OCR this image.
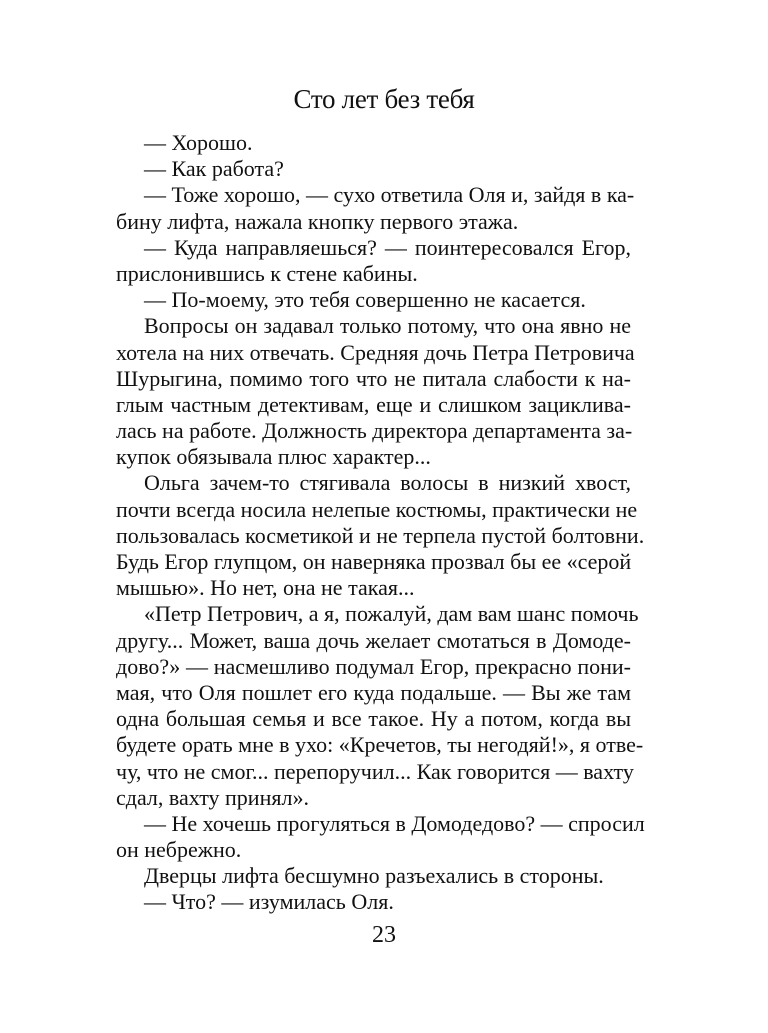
Сто лет без тебя
— Хорошо.
— Как работа?
— Тоже хорошо, — сухо ответила Оля и, зайдя в ка-
бину лифта, нажала кнопку первого этажа.
— Куда направляешься? — поинтересовался Егор,
прислонившись к стене кабины.
— По-моему, это тебя совершенно не касается.
Вопросы он задавал только потому, что она явно не
хотела на них отвечать. Средняя дочь Петра Петровича
Шурыгина, помимо того что не питала слабости к на-
глым частным детективам, еще и слишком зациклива-
лась на работе. Должность директора департамента за-
купок обязывала плюс характер...
Ольга зачем-то стягивала волосы в низкий хвост,
почти всегда носила нелепые костюмы, практически не
пользовалась косметикой и не терпела пустой болтовни.
Будь Егор глупцом, он наверняка прозвал бы ее «серой
мышью». Но нет, она не такая...
«Петр Петрович, а я, пожалуй, дам вам шанс помочь
другу... Может, ваша дочь желает смотаться в Домоде-
дово?» — насмешливо подумал Егор, прекрасно пони-
мая, что Оля пошлет его куда подальше. — Вы же там
одна большая семья и все такое. Ну а потом, когда вы
будете орать мне в ухо: «Кречетов, ты негодяй!», я отве-
чу, что не смог... перепоручил... Как говорится — вахту
сдал, вахту принял».
— Не хочешь прогуляться в Домодедово? — спросил
он небрежно.
Дверцы лифта бесшумно разъехались в стороны.
— Что? — изумилась Оля.
23
